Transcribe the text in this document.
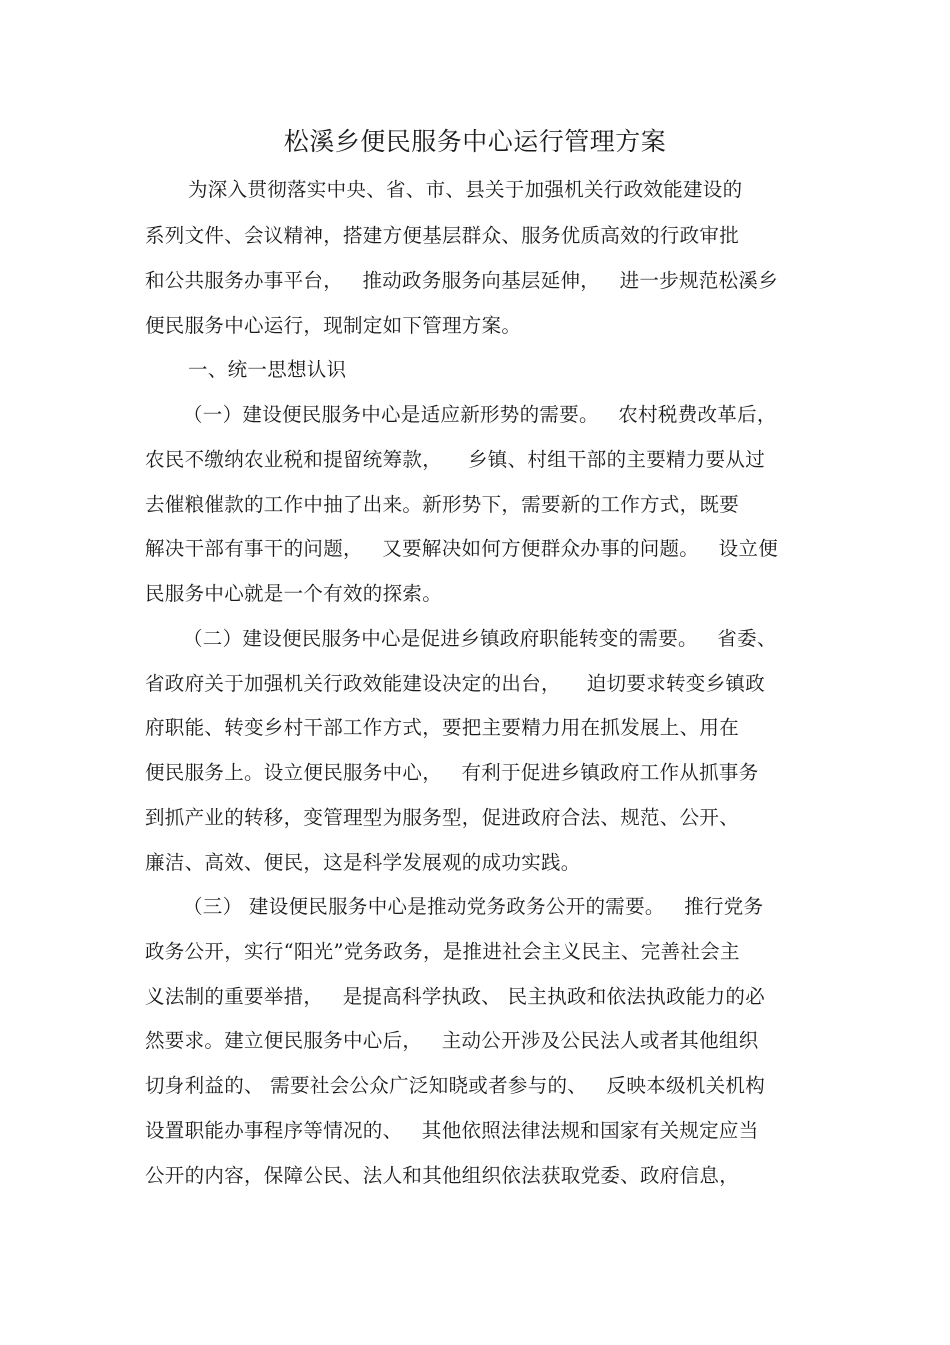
松溪乡便民服务中心运行管理方案
为深入贯彻落实中央、省、市、县关于加强机关行政效能建设的
系列文件、会议精神，搭建方便基层群众、服务优质高效的行政审批
和公共服务办事平台，   推动政务服务向基层延伸，   进一步规范松溪乡
便民服务中心运行，现制定如下管理方案。
一、统一思想认识
（一）建设便民服务中心是适应新形势的需要。   农村税费改革后，
农民不缴纳农业税和提留统筹款，    乡镇、村组干部的主要精力要从过
去催粮催款的工作中抽了出来。新形势下，需要新的工作方式，既要
解决干部有事干的问题，   又要解决如何方便群众办事的问题。   设立便
民服务中心就是一个有效的探索。
（二）建设便民服务中心是促进乡镇政府职能转变的需要。   省委、
省政府关于加强机关行政效能建设决定的出台，    迫切要求转变乡镇政
府职能、转变乡村干部工作方式，要把主要精力用在抓发展上、用在
便民服务上。设立便民服务中心，   有利于促进乡镇政府工作从抓事务
到抓产业的转移，变管理型为服务型，促进政府合法、规范、公开、
廉洁、高效、便民，这是科学发展观的成功实践。
（三） 建设便民服务中心是推动党务政务公开的需要。   推行党务
政务公开，实行“阳光”党务政务，是推进社会主义民主、完善社会主
义法制的重要举措，   是提高科学执政、 民主执政和依法执政能力的必
然要求。建立便民服务中心后，   主动公开涉及公民法人或者其他组织
切身利益的、 需要社会公众广泛知晓或者参与的、   反映本级机关机构
设置职能办事程序等情况的、   其他依照法律法规和国家有关规定应当
公开的内容，保障公民、法人和其他组织依法获取党委、政府信息，
